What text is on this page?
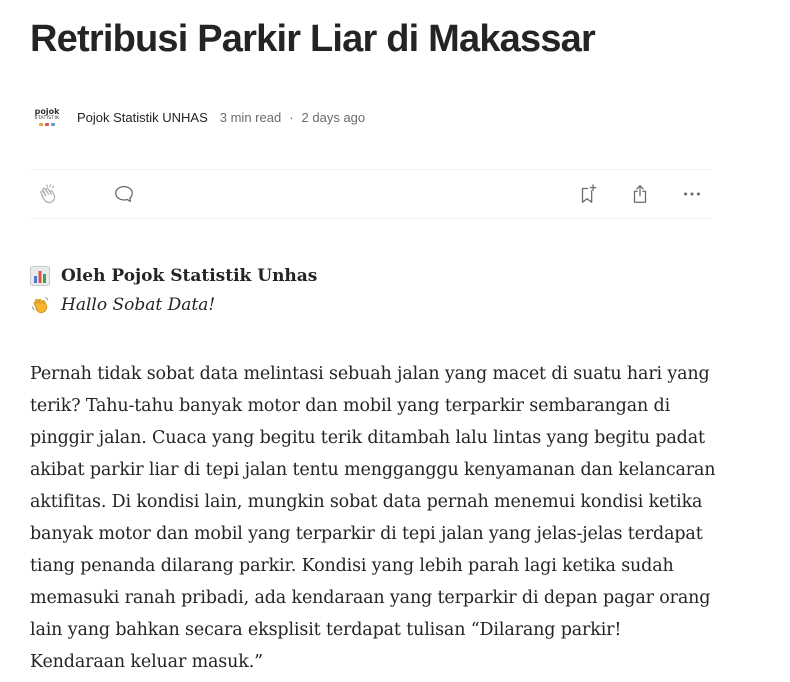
Retribusi Parkir Liar di Makassar
pojok
STATISTIK Pojok Statistik UNHAS 3 min read · 2 days ago
Oleh Pojok Statistik Unhas
Hallo Sobat Data!

Pernah tidak sobat data melintasi sebuah jalan yang macet di suatu hari yang terik? Tahu-tahu banyak motor dan mobil yang terparkir sembarangan di pinggir jalan. Cuaca yang begitu terik ditambah lalu lintas yang begitu padat akibat parkir liar di tepi jalan tentu mengganggu kenyamanan dan kelancaran aktifitas. Di kondisi lain, mungkin sobat data pernah menemui kondisi ketika banyak motor dan mobil yang terparkir di tepi jalan yang jelas-jelas terdapat tiang penanda dilarang parkir. Kondisi yang lebih parah lagi ketika sudah memasuki ranah pribadi, ada kendaraan yang terparkir di depan pagar orang lain yang bahkan secara eksplisit terdapat tulisan “Dilarang parkir! Kendaraan keluar masuk.”
